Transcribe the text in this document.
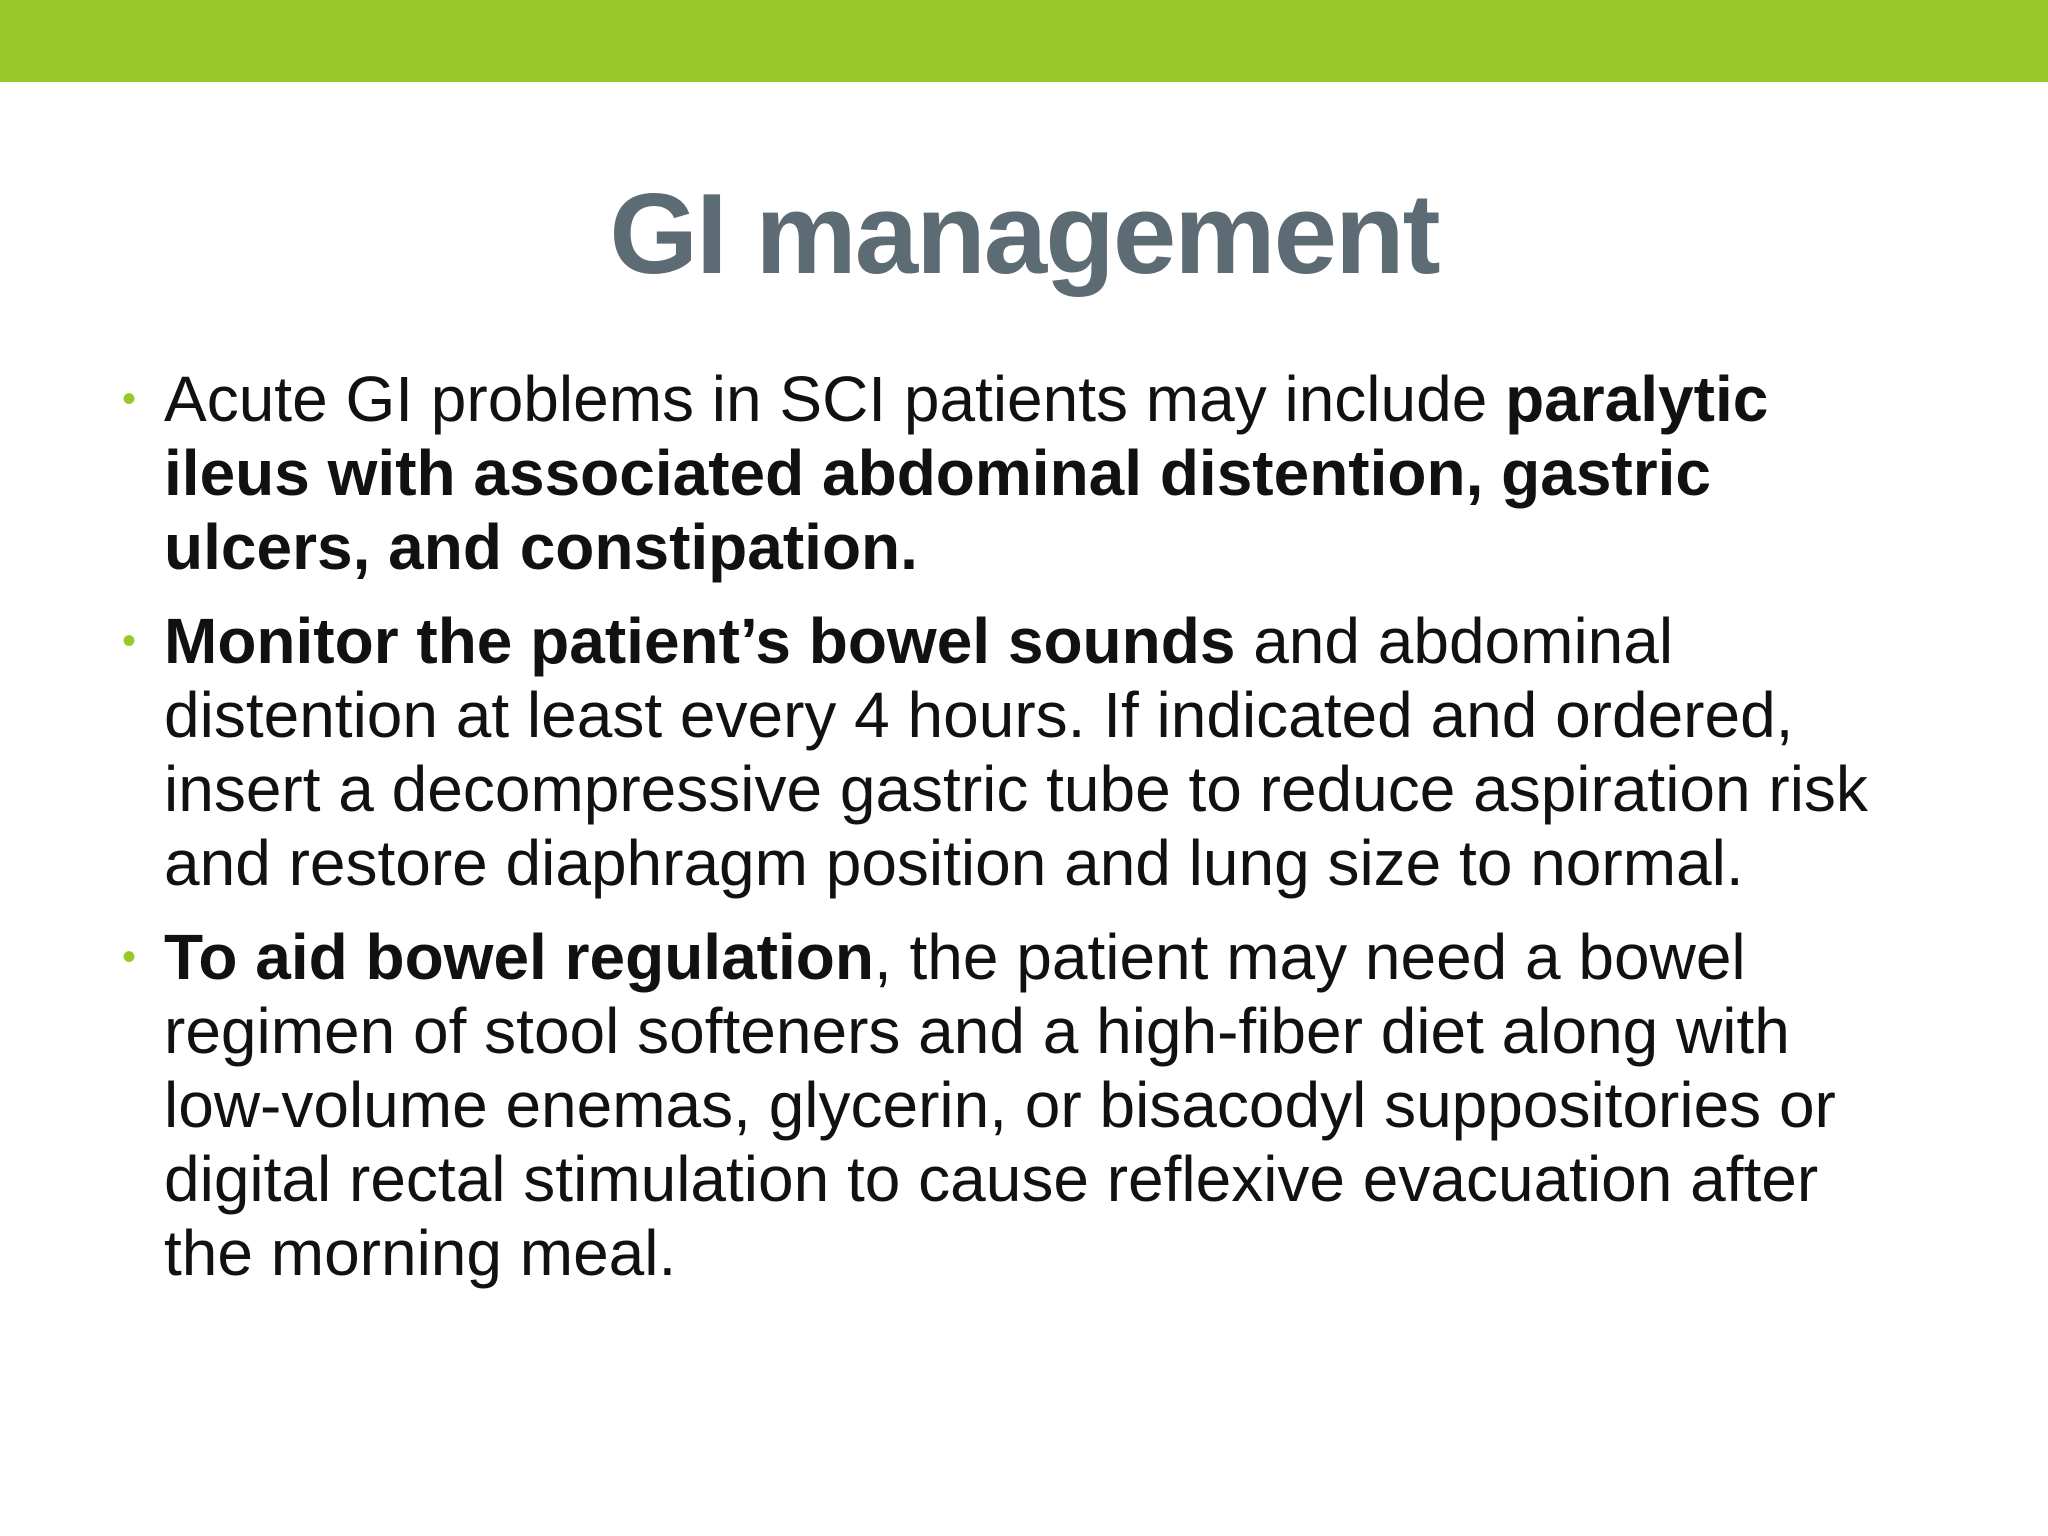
GI management
• Acute GI problems in SCI patients may include paralytic ileus with associated abdominal distention, gastric ulcers, and constipation.
• Monitor the patient’s bowel sounds and abdominal distention at least every 4 hours. If indicated and ordered, insert a decompressive gastric tube to reduce aspiration risk and restore diaphragm position and lung size to normal.
• To aid bowel regulation, the patient may need a bowel regimen of stool softeners and a high-fiber diet along with low-volume enemas, glycerin, or bisacodyl suppositories or digital rectal stimulation to cause reflexive evacuation after the morning meal.
